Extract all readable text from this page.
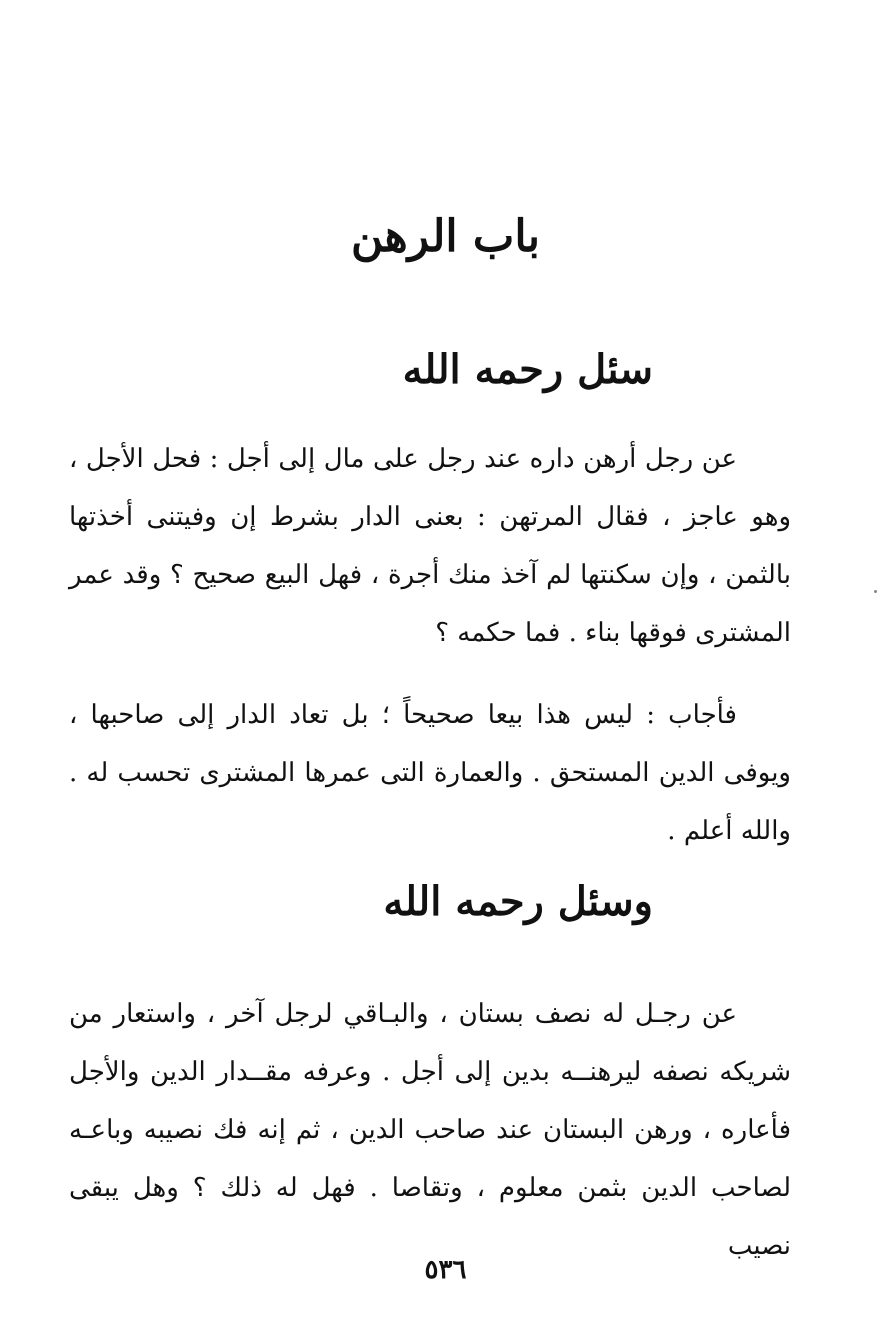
باب الرهن
سئل رحمه الله

عن رجل أرهن داره عند رجل على مال إلى أجل : فحل الأجل ، وهو عاجز ، فقال المرتهن : بعنى الدار بشرط إن وفيتنى أخذتها بالثمن ، وإن سكنتها لم آخذ منك أجرة ، فهل البيع صحيح ؟ وقد عمر المشترى فوقها بناء . فما حكمه ؟

فأجاب : ليس هذا بيعا صحيحاً ؛ بل تعاد الدار إلى صاحبها ، ويوفى الدين المستحق . والعمارة التى عمرها المشترى تحسب له . والله أعلم .

وسئل رحمه الله

عن رجـل له نصف بستان ، والبـاقي لرجل آخر ، واستعار من شريكه نصفه ليرهنــه بدين إلى أجل . وعرفه مقــدار الدين والأجل فأعاره ، ورهن البستان عند صاحب الدين ، ثم إنه فك نصيبه وباعـه لصاحب الدين بثمن معلوم ، وتقاصا . فهل له ذلك ؟ وهل يبقى نصيب

٥٣٦
